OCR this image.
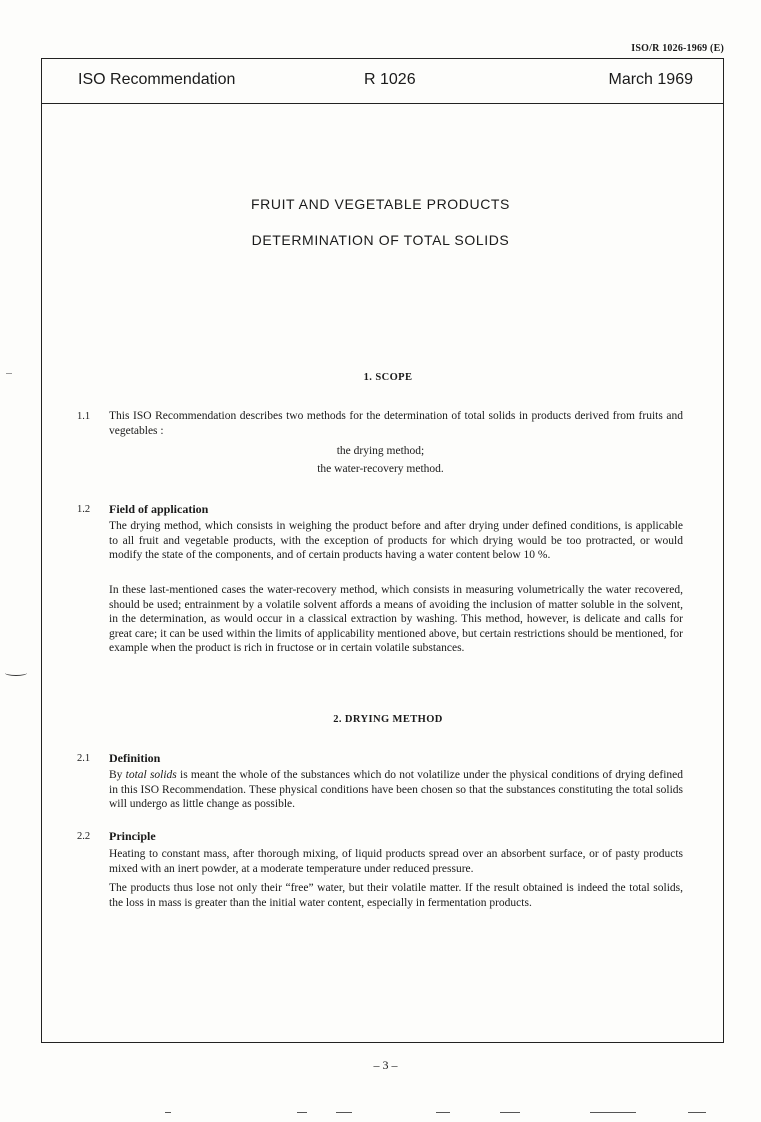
ISO/R 1026-1969 (E)
ISO Recommendation	R 1026	March 1969
FRUIT AND VEGETABLE PRODUCTS
DETERMINATION OF TOTAL SOLIDS
1. SCOPE
1.1 This ISO Recommendation describes two methods for the determination of total solids in products derived from fruits and vegetables :

the drying method;
the water-recovery method.
1.2 Field of application

The drying method, which consists in weighing the product before and after drying under defined conditions, is applicable to all fruit and vegetable products, with the exception of products for which drying would be too protracted, or would modify the state of the components, and of certain products having a water content below 10 %.

In these last-mentioned cases the water-recovery method, which consists in measuring volumetrically the water recovered, should be used; entrainment by a volatile solvent affords a means of avoiding the inclusion of matter soluble in the solvent, in the determination, as would occur in a classical extraction by washing. This method, however, is delicate and calls for great care; it can be used within the limits of applicability mentioned above, but certain restrictions should be mentioned, for example when the product is rich in fructose or in certain volatile substances.

2. DRYING METHOD
2.1 Definition

By total solids is meant the whole of the substances which do not volatilize under the physical conditions of drying defined in this ISO Recommendation. These physical conditions have been chosen so that the substances constituting the total solids will undergo as little change as possible.

2.2 Principle

Heating to constant mass, after thorough mixing, of liquid products spread over an absorbent surface, or of pasty products mixed with an inert powder, at a moderate temperature under reduced pressure.

The products thus lose not only their “free” water, but their volatile matter. If the result obtained is indeed the total solids, the loss in mass is greater than the initial water content, especially in fermentation products.

– 3 –
